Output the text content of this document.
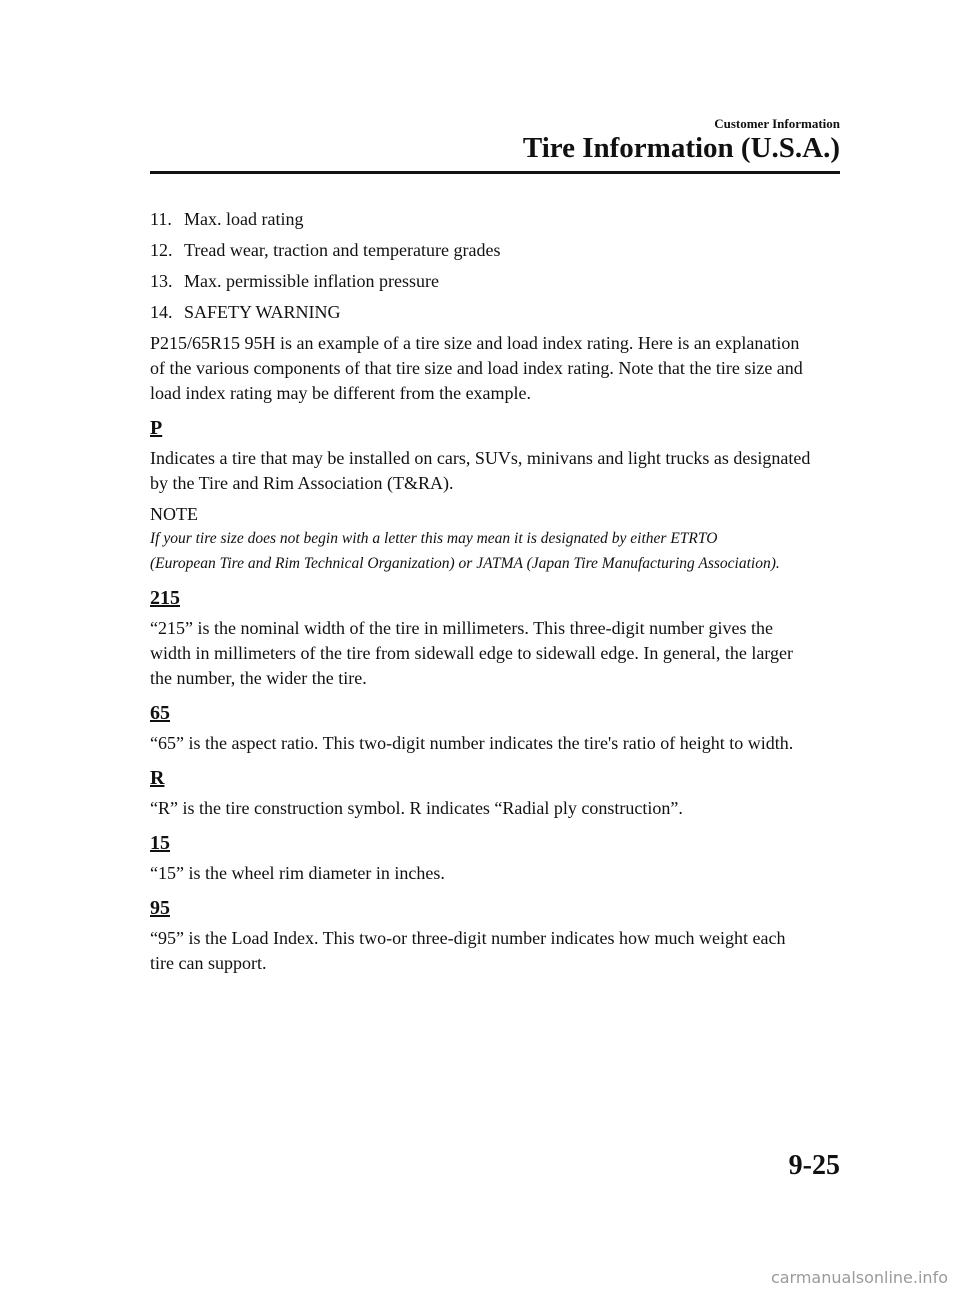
Customer Information
Tire Information (U.S.A.)
11. Max. load rating
12. Tread wear, traction and temperature grades
13. Max. permissible inflation pressure
14. SAFETY WARNING
P215/65R15 95H is an example of a tire size and load index rating. Here is an explanation
of the various components of that tire size and load index rating. Note that the tire size and
load index rating may be different from the example.
P
Indicates a tire that may be installed on cars, SUVs, minivans and light trucks as designated
by the Tire and Rim Association (T&RA).
NOTE
If your tire size does not begin with a letter this may mean it is designated by either ETRTO
(European Tire and Rim Technical Organization) or JATMA (Japan Tire Manufacturing Association).
215
“215” is the nominal width of the tire in millimeters. This three-digit number gives the
width in millimeters of the tire from sidewall edge to sidewall edge. In general, the larger
the number, the wider the tire.
65
“65” is the aspect ratio. This two-digit number indicates the tire's ratio of height to width.
R
“R” is the tire construction symbol. R indicates “Radial ply construction”.
15
“15” is the wheel rim diameter in inches.
95
“95” is the Load Index. This two-or three-digit number indicates how much weight each
tire can support.
9-25
carmanualsonline.info
